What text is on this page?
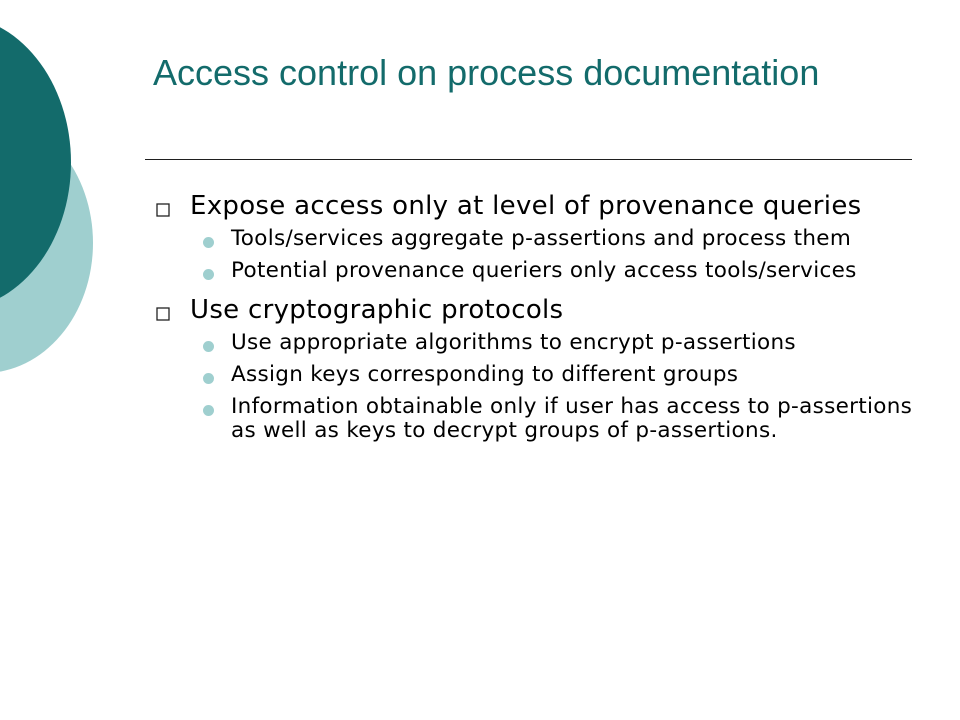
Access control on process documentation
Expose access only at level of provenance queries
Tools/services aggregate p-assertions and process them
Potential provenance queriers only access tools/services
Use cryptographic protocols
Use appropriate algorithms to encrypt p-assertions
Assign keys corresponding to different groups
Information obtainable only if user has access to p-assertions as well as keys to decrypt groups of p-assertions.
